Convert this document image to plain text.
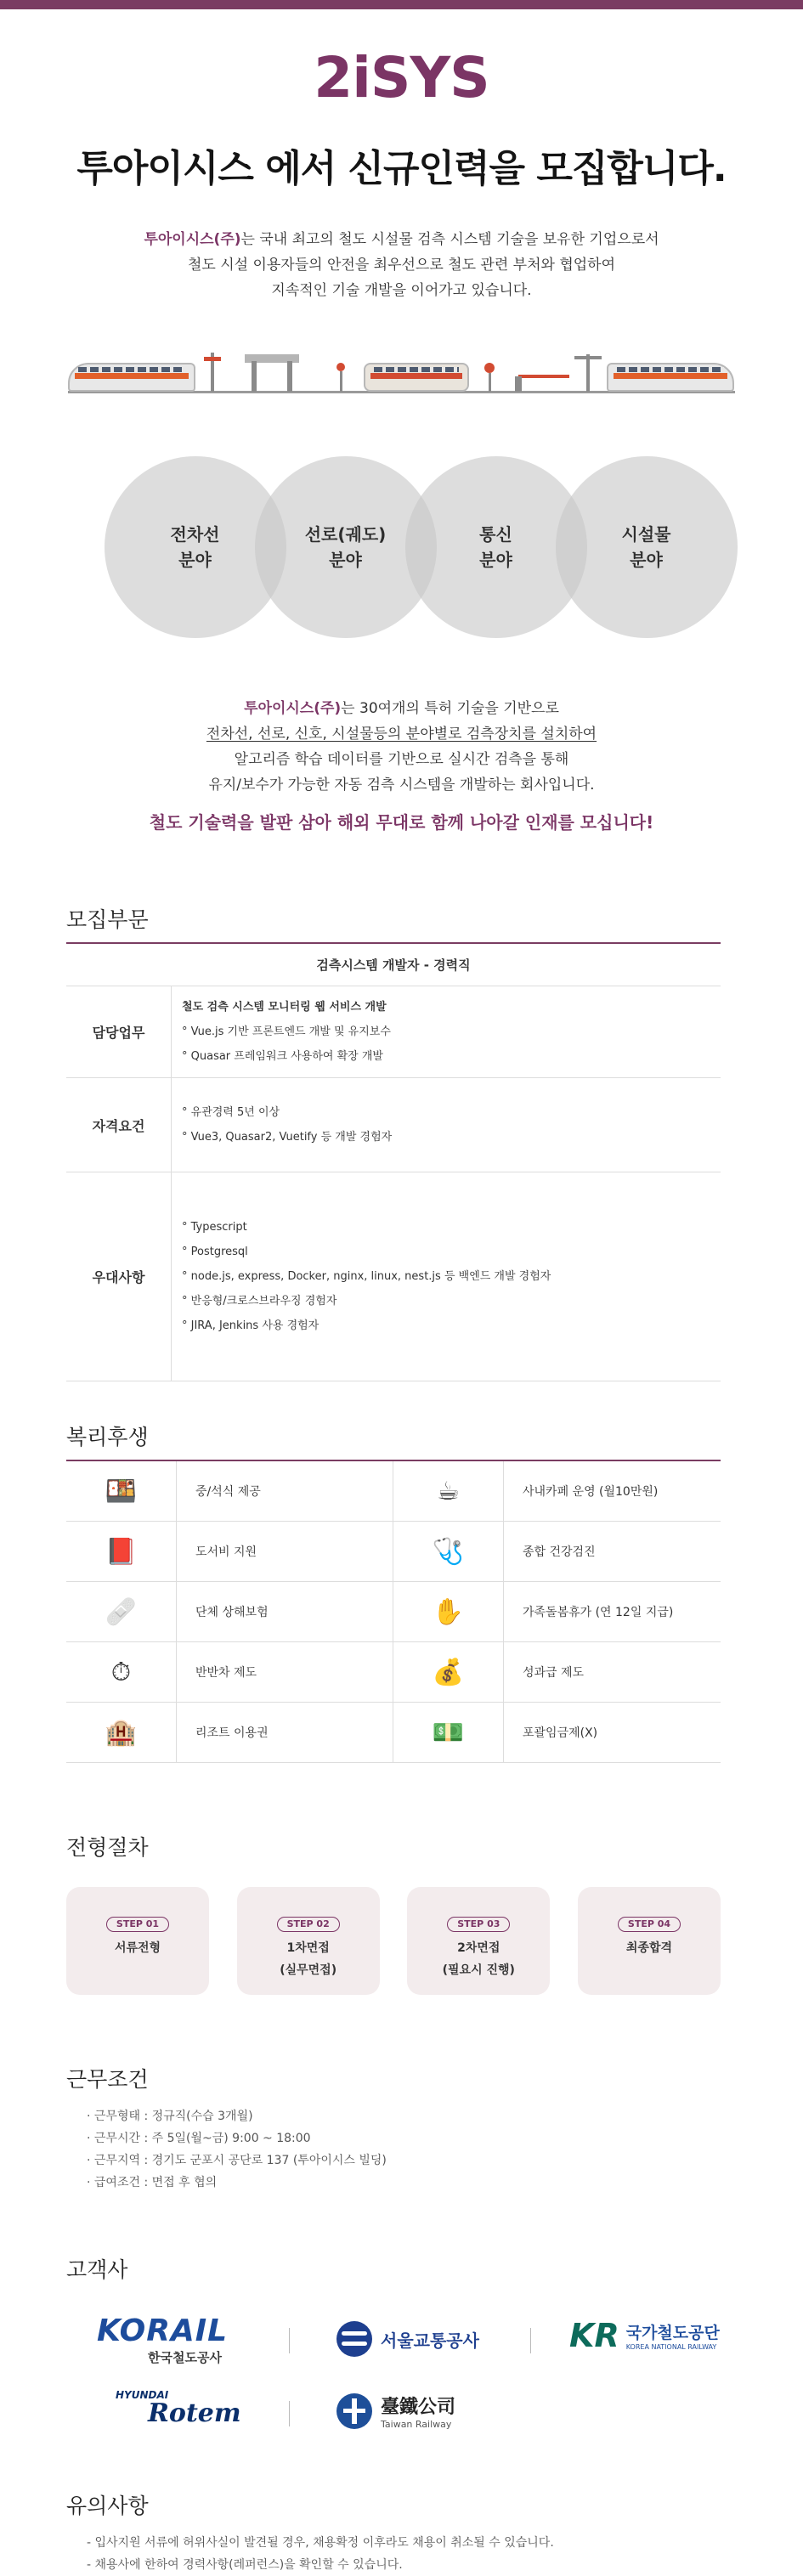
2iSYS
투아이시스 에서 신규인력을 모집합니다.
투아이시스(주)는 국내 최고의 철도 시설물 검측 시스템 기술을 보유한 기업으로서
철도 시설 이용자들의 안전을 최우선으로 철도 관련 부처와 협업하여
지속적인 기술 개발을 이어가고 있습니다.
전차선
분야
선로(궤도)
분야
통신
분야
시설물
분야
투아이시스(주)는 30여개의 특허 기술을 기반으로
전차선, 선로, 신호, 시설물등의 분야별로 검측장치를 설치하여
알고리즘 학습 데이터를 기반으로 실시간 검측을 통해
유지/보수가 가능한 자동 검측 시스템을 개발하는 회사입니다.
철도 기술력을 발판 삼아 해외 무대로 함께 나아갈 인재를 모십니다!
모집부문
검측시스템 개발자 - 경력직
담당업무
철도 검측 시스템 모니터링 웹 서비스 개발
° Vue.js 기반 프론트엔드 개발 및 유지보수
° Quasar 프레임워크 사용하여 확장 개발
자격요건
° 유관경력 5년 이상
° Vue3, Quasar2, Vuetify 등 개발 경험자
우대사항
° Typescript
° Postgresql
° node.js, express, Docker, nginx, linux, nest.js 등 백엔드 개발 경험자
° 반응형/크로스브라우징 경험자
° JIRA, Jenkins 사용 경험자
복리후생
🍱	중/석식 제공	☕	사내카페 운영 (월10만원)
📕	도서비 지원	🩺	종합 건강검진
🩹	단체 상해보험	✋	가족돌봄휴가 (연 12일 지급)
⏱	반반차 제도	💰	성과급 제도
🏨	리조트 이용권	💵	포괄임금제(X)
전형절차
STEP 01
서류전형
STEP 02
1차면접
(실무면접)
STEP 03
2차면접
(필요시 진행)
STEP 04
최종합격
근무조건
· 근무형태 : 정규직(수습 3개월)
· 근무시간 : 주 5일(월~금) 9:00 ~ 18:00
· 근무지역 : 경기도 군포시 공단로 137 (투아이시스 빌딩)
· 급여조건 : 면접 후 협의
고객사
KORAIL
한국철도공사
서울교통공사	KR 국가철도공단
KOREA NATIONAL RAILWAY
HYUNDAI
Rotem	臺鐵公司
Taiwan Railway
유의사항
- 입사지원 서류에 허위사실이 발견될 경우, 채용확정 이후라도 채용이 취소될 수 있습니다.
- 채용사에 한하여 경력사항(레퍼런스)을 확인할 수 있습니다.
